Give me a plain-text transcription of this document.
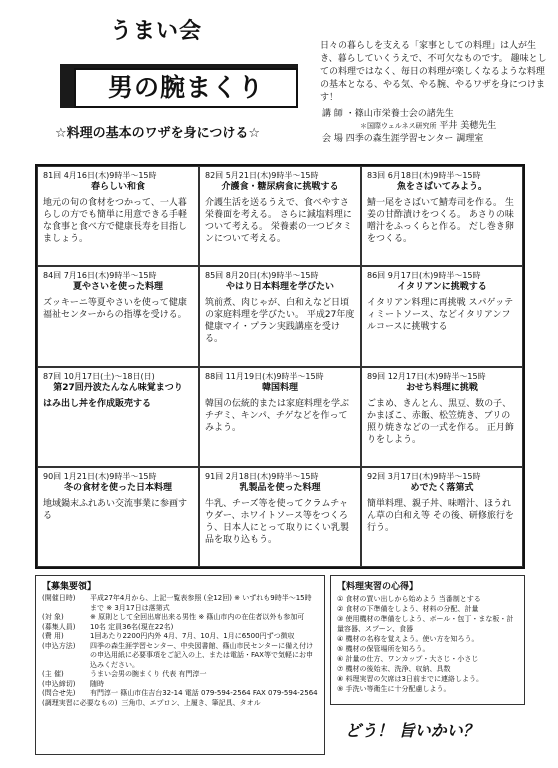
うまい会
男の腕まくり
☆料理の基本のワザを身につける☆
日々の暮らしを支える「家事としての料理」は人が生き、暮らしていくうえで、不可欠なものです。 趣味としての料理ではなく、毎日の料理が楽しくなるような料理の基本となる、やる気、やる腕、やるワザを身につけます！
講 師 ・篠山市栄養士会の諸先生
＊国際ウェルネス研究所 平井 美穂先生
会 場 四季の森生涯学習センター 調理室
81回 4月16日(木)9時半～15時
春らしい和食
地元の旬の食材をつかって、一人暮らしの方でも簡単に用意できる手軽な食事と食べ方で健康長寿を目指しましょう。
82回 5月21日(木)9時半～15時
介護食・糖尿病食に挑戦する
介護生活を送るうえで、食べやすさ栄養面を考える。 さらに減塩料理について考える。 栄養素の一つビタミンについて考える。
83回 6月18日(木)9時半～15時
魚をさばいてみよう。
鯖一尾をさばいて鯖寿司を作る。 生姜の甘酢漬けをつくる。 あさりの味噌汁をふっくらと作る。 だし巻き卵をつくる。
84回 7月16日(木)9時半～15時
夏やさいを使った料理
ズッキーニ等夏やさいを使って健康福祉センターからの指導を受ける。
85回 8月20日(木)9時半～15時
やはり日本料理を学びたい
筑前煮、肉じゃが、白和えなど日頃の家庭料理を学びたい。 平成27年度健康マイ・プラン実践講座を受ける。
86回 9月17日(木)9時半～15時
イタリアンに挑戦する
イタリアン料理に再挑戦 スパゲッティミートソース、などイタリアンフルコースに挑戦する
87回 10月17日(土)～18日(日)
第27回丹波たんなん味覚まつり
はみ出し丼を作成販売する
88回 11月19日(木)9時半～15時
韓国料理
韓国の伝統的または家庭料理を学ぶチヂミ、キンパ、チゲなどを作ってみよう。
89回 12月17日(木)9時半～15時
おせち料理に挑戦
ごまめ、きんとん、黒豆、数の子、かまぼこ、赤飯、松笠焼き、ブリの照り焼きなどの一式を作る。 正月飾りをしよう。
90回 1月21日(木)9時半～15時
冬の食材を使った日本料理
地域鍋末ふれあい交流事業に参画する
91回 2月18日(木)9時半～15時
乳製品を使った料理
牛乳、チーズ等を使ってクラムチャウダー、ホワイトソース等をつくろう、日本人にとって取りにくい乳製品を取り込もう。
92回 3月17日(木)9時半～15時
めでたく落第式
簡単料理、親子丼、味噌汁、ほうれん草の白和え等 その後、研修旅行を行う。
【募集要領】
(開催日時)	平成27年4月から、上記一覧表参照 (全12回) ※ いずれも9時半～15時まで ※ 3月17日は落第式
(対 象)	※ 原則として全回出席出来る男性 ※ 篠山市内の在住者以外も参加可
(募集人員)	10名 定員36名(現在22名)
(費 用)	1回あたり2200円内外 4月、7月、10月、1月に6500円ずつ徴収
(申込方法)	四季の森生涯学習センター、中央図書館、篠山市民センターに備え付けの申込用紙に必要事項をご記入の上、または電話・FAX等で気軽にお申込みください。
(主 催)	うまい会男の腕まくり 代表 有門淳一
(申込締切)	随時
(問合せ先)	有門淳一 篠山市住吉台32-14 電話 079-594-2564 FAX 079-594-2564
(調理実習に必要なもの) 三角巾、エプロン、上履き、筆記具、タオル
【料理実習の心得】
① 食材の買い出しから始めよう 当番制とする
② 食材の下準備をしよう、材料の分配、計量
③ 使用機材の準備をしよう、ボール・包丁・まな板・計量容器、スプーン、食器
④ 機材の名称を覚えよう。使い方を知ろう。
⑤ 機材の保管場所を知ろう。
⑥ 計量の仕方、ワンカップ・大さじ・小さじ
⑦ 機材の後始末、洗浄、収納、具数
⑧ 料理実習の欠席は3日前までに連絡しよう。
⑨ 手洗い等衛生に十分配慮しよう。
どう！ 旨いかい？
